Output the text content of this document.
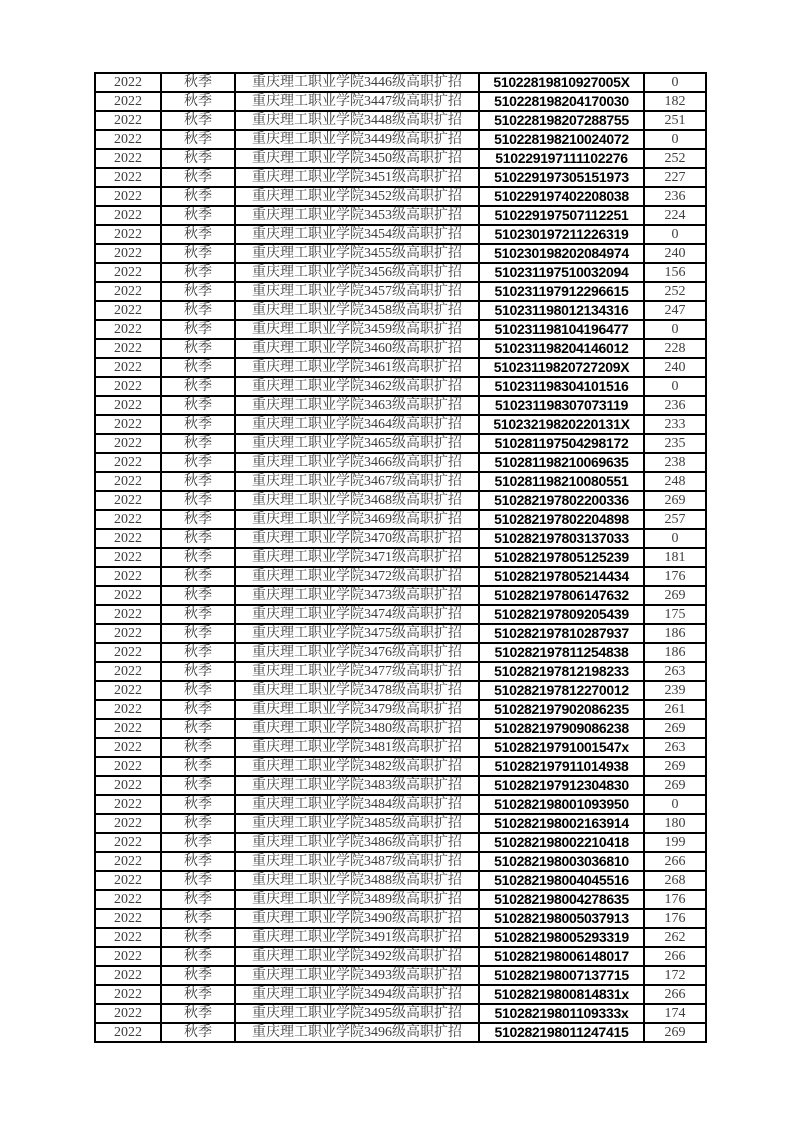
2022	秋季	重庆理工职业学院3446级高职扩招	51022819810927005X	0
2022	秋季	重庆理工职业学院3447级高职扩招	510228198204170030	182
2022	秋季	重庆理工职业学院3448级高职扩招	510228198207288755	251
2022	秋季	重庆理工职业学院3449级高职扩招	510228198210024072	0
2022	秋季	重庆理工职业学院3450级高职扩招	510229197111102276	252
2022	秋季	重庆理工职业学院3451级高职扩招	510229197305151973	227
2022	秋季	重庆理工职业学院3452级高职扩招	510229197402208038	236
2022	秋季	重庆理工职业学院3453级高职扩招	510229197507112251	224
2022	秋季	重庆理工职业学院3454级高职扩招	510230197211226319	0
2022	秋季	重庆理工职业学院3455级高职扩招	510230198202084974	240
2022	秋季	重庆理工职业学院3456级高职扩招	510231197510032094	156
2022	秋季	重庆理工职业学院3457级高职扩招	510231197912296615	252
2022	秋季	重庆理工职业学院3458级高职扩招	510231198012134316	247
2022	秋季	重庆理工职业学院3459级高职扩招	510231198104196477	0
2022	秋季	重庆理工职业学院3460级高职扩招	510231198204146012	228
2022	秋季	重庆理工职业学院3461级高职扩招	51023119820727209X	240
2022	秋季	重庆理工职业学院3462级高职扩招	510231198304101516	0
2022	秋季	重庆理工职业学院3463级高职扩招	510231198307073119	236
2022	秋季	重庆理工职业学院3464级高职扩招	51023219820220131X	233
2022	秋季	重庆理工职业学院3465级高职扩招	510281197504298172	235
2022	秋季	重庆理工职业学院3466级高职扩招	510281198210069635	238
2022	秋季	重庆理工职业学院3467级高职扩招	510281198210080551	248
2022	秋季	重庆理工职业学院3468级高职扩招	510282197802200336	269
2022	秋季	重庆理工职业学院3469级高职扩招	510282197802204898	257
2022	秋季	重庆理工职业学院3470级高职扩招	510282197803137033	0
2022	秋季	重庆理工职业学院3471级高职扩招	510282197805125239	181
2022	秋季	重庆理工职业学院3472级高职扩招	510282197805214434	176
2022	秋季	重庆理工职业学院3473级高职扩招	510282197806147632	269
2022	秋季	重庆理工职业学院3474级高职扩招	510282197809205439	175
2022	秋季	重庆理工职业学院3475级高职扩招	510282197810287937	186
2022	秋季	重庆理工职业学院3476级高职扩招	510282197811254838	186
2022	秋季	重庆理工职业学院3477级高职扩招	510282197812198233	263
2022	秋季	重庆理工职业学院3478级高职扩招	510282197812270012	239
2022	秋季	重庆理工职业学院3479级高职扩招	510282197902086235	261
2022	秋季	重庆理工职业学院3480级高职扩招	510282197909086238	269
2022	秋季	重庆理工职业学院3481级高职扩招	51028219791001547x	263
2022	秋季	重庆理工职业学院3482级高职扩招	510282197911014938	269
2022	秋季	重庆理工职业学院3483级高职扩招	510282197912304830	269
2022	秋季	重庆理工职业学院3484级高职扩招	510282198001093950	0
2022	秋季	重庆理工职业学院3485级高职扩招	510282198002163914	180
2022	秋季	重庆理工职业学院3486级高职扩招	510282198002210418	199
2022	秋季	重庆理工职业学院3487级高职扩招	510282198003036810	266
2022	秋季	重庆理工职业学院3488级高职扩招	510282198004045516	268
2022	秋季	重庆理工职业学院3489级高职扩招	510282198004278635	176
2022	秋季	重庆理工职业学院3490级高职扩招	510282198005037913	176
2022	秋季	重庆理工职业学院3491级高职扩招	510282198005293319	262
2022	秋季	重庆理工职业学院3492级高职扩招	510282198006148017	266
2022	秋季	重庆理工职业学院3493级高职扩招	510282198007137715	172
2022	秋季	重庆理工职业学院3494级高职扩招	51028219800814831x	266
2022	秋季	重庆理工职业学院3495级高职扩招	51028219801109333x	174
2022	秋季	重庆理工职业学院3496级高职扩招	510282198011247415	269
